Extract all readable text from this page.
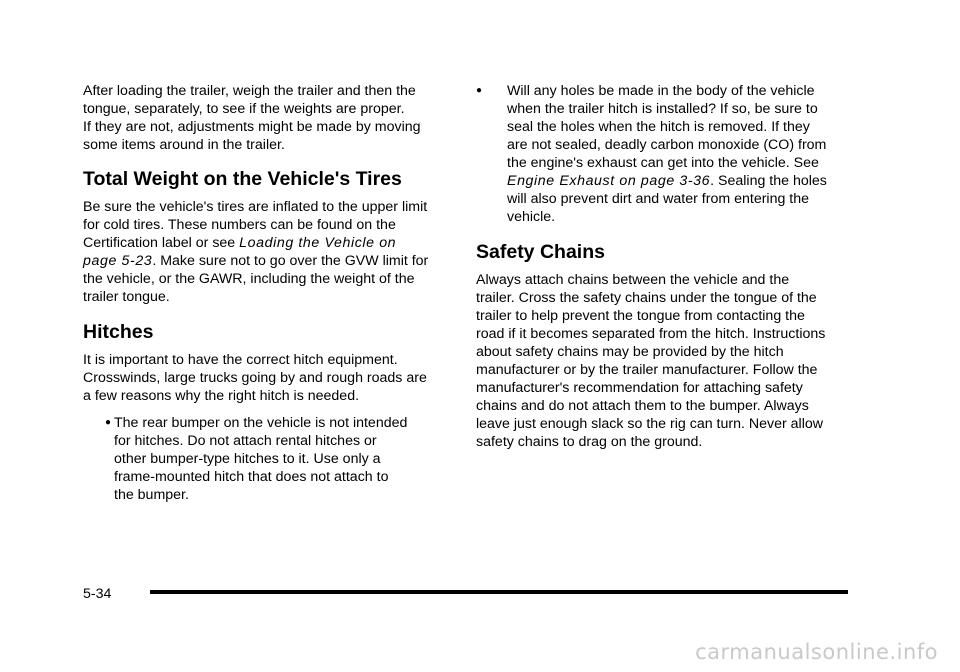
After loading the trailer, weigh the trailer and then the
tongue, separately, to see if the weights are proper.
If they are not, adjustments might be made by moving
some items around in the trailer.

Total Weight on the Vehicle's Tires

Be sure the vehicle's tires are inflated to the upper limit
for cold tires. These numbers can be found on the
Certification label or see Loading the Vehicle on
page 5-23. Make sure not to go over the GVW limit for
the vehicle, or the GAWR, including the weight of the
trailer tongue.

Hitches

It is important to have the correct hitch equipment.
Crosswinds, large trucks going by and rough roads are
a few reasons why the right hitch is needed.

● The rear bumper on the vehicle is not intended
for hitches. Do not attach rental hitches or
other bumper-type hitches to it. Use only a
frame-mounted hitch that does not attach to
the bumper.
● Will any holes be made in the body of the vehicle
when the trailer hitch is installed? If so, be sure to
seal the holes when the hitch is removed. If they
are not sealed, deadly carbon monoxide (CO) from
the engine's exhaust can get into the vehicle. See
Engine Exhaust on page 3-36. Sealing the holes
will also prevent dirt and water from entering the
vehicle.
Safety Chains

Always attach chains between the vehicle and the
trailer. Cross the safety chains under the tongue of the
trailer to help prevent the tongue from contacting the
road if it becomes separated from the hitch. Instructions
about safety chains may be provided by the hitch
manufacturer or by the trailer manufacturer. Follow the
manufacturer's recommendation for attaching safety
chains and do not attach them to the bumper. Always
leave just enough slack so the rig can turn. Never allow
safety chains to drag on the ground.

5-34
carmanualsonline.info
